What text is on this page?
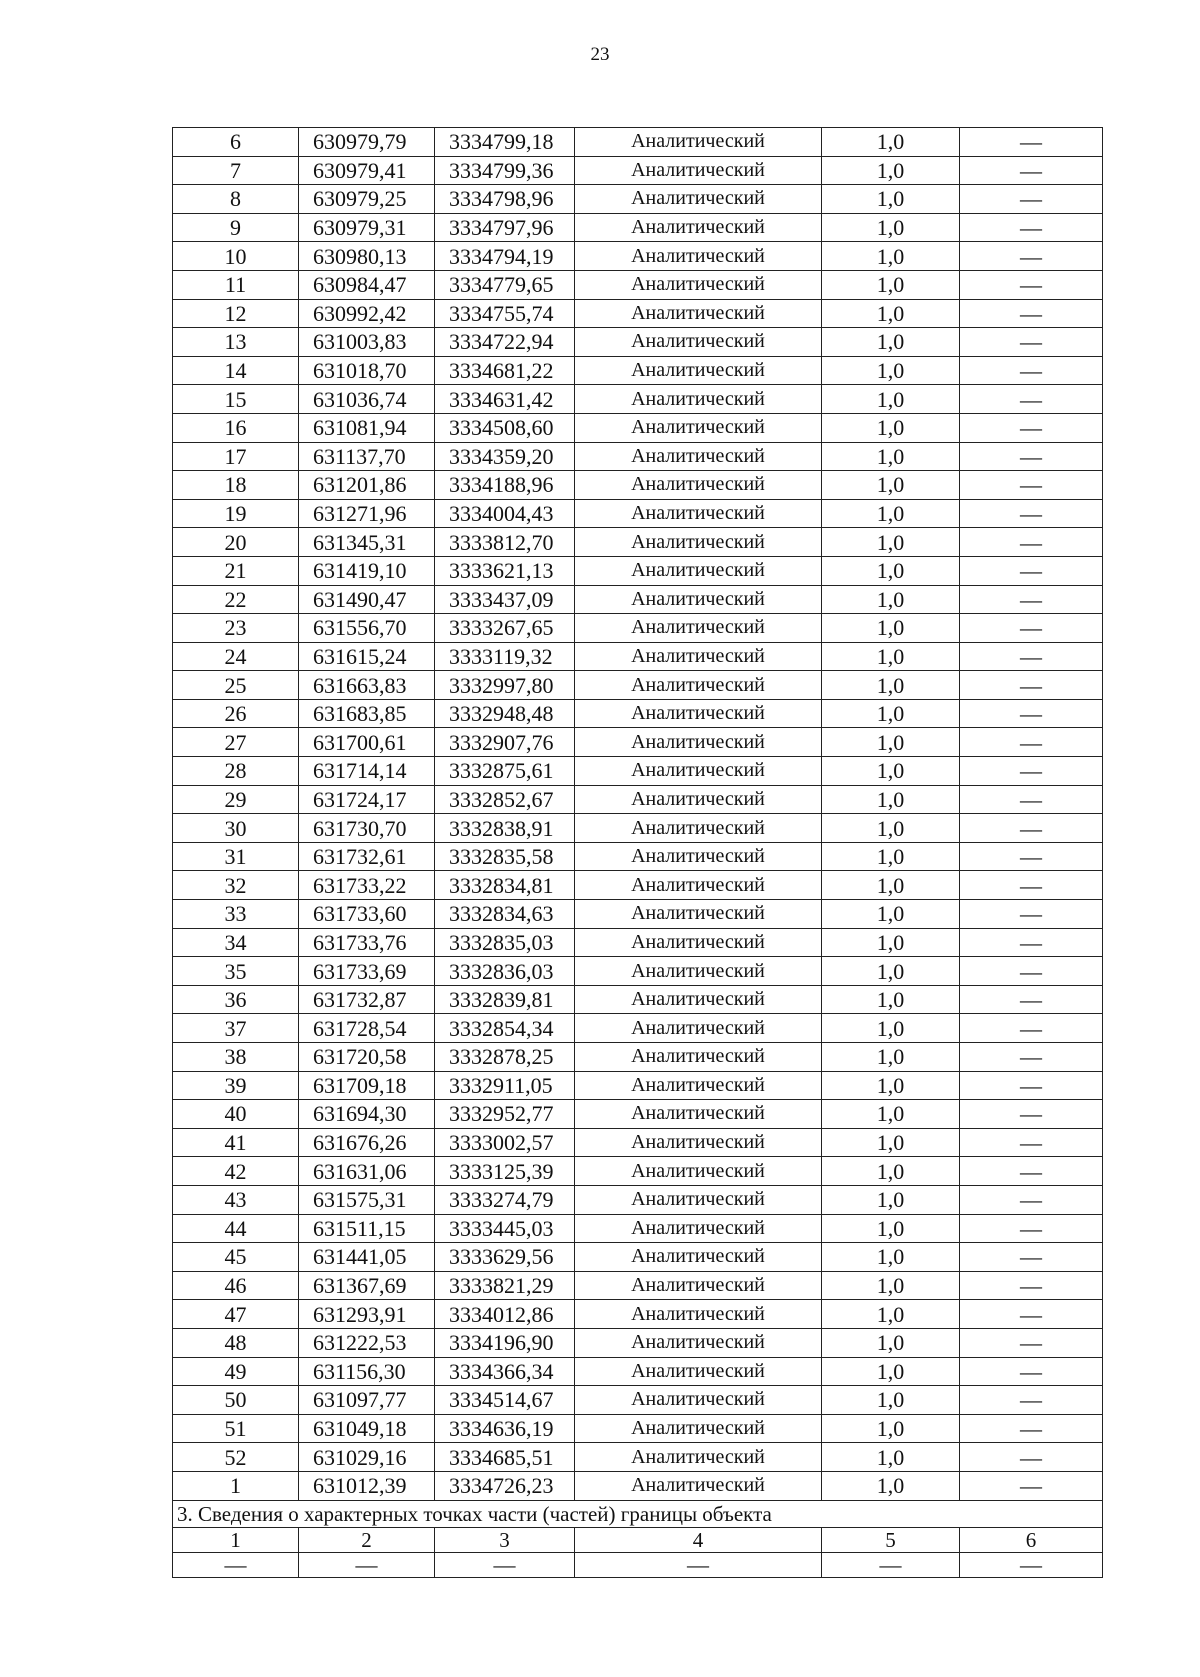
23
6	630979,79	3334799,18	Аналитический	1,0	—
7	630979,41	3334799,36	Аналитический	1,0	—
8	630979,25	3334798,96	Аналитический	1,0	—
9	630979,31	3334797,96	Аналитический	1,0	—
10	630980,13	3334794,19	Аналитический	1,0	—
11	630984,47	3334779,65	Аналитический	1,0	—
12	630992,42	3334755,74	Аналитический	1,0	—
13	631003,83	3334722,94	Аналитический	1,0	—
14	631018,70	3334681,22	Аналитический	1,0	—
15	631036,74	3334631,42	Аналитический	1,0	—
16	631081,94	3334508,60	Аналитический	1,0	—
17	631137,70	3334359,20	Аналитический	1,0	—
18	631201,86	3334188,96	Аналитический	1,0	—
19	631271,96	3334004,43	Аналитический	1,0	—
20	631345,31	3333812,70	Аналитический	1,0	—
21	631419,10	3333621,13	Аналитический	1,0	—
22	631490,47	3333437,09	Аналитический	1,0	—
23	631556,70	3333267,65	Аналитический	1,0	—
24	631615,24	3333119,32	Аналитический	1,0	—
25	631663,83	3332997,80	Аналитический	1,0	—
26	631683,85	3332948,48	Аналитический	1,0	—
27	631700,61	3332907,76	Аналитический	1,0	—
28	631714,14	3332875,61	Аналитический	1,0	—
29	631724,17	3332852,67	Аналитический	1,0	—
30	631730,70	3332838,91	Аналитический	1,0	—
31	631732,61	3332835,58	Аналитический	1,0	—
32	631733,22	3332834,81	Аналитический	1,0	—
33	631733,60	3332834,63	Аналитический	1,0	—
34	631733,76	3332835,03	Аналитический	1,0	—
35	631733,69	3332836,03	Аналитический	1,0	—
36	631732,87	3332839,81	Аналитический	1,0	—
37	631728,54	3332854,34	Аналитический	1,0	—
38	631720,58	3332878,25	Аналитический	1,0	—
39	631709,18	3332911,05	Аналитический	1,0	—
40	631694,30	3332952,77	Аналитический	1,0	—
41	631676,26	3333002,57	Аналитический	1,0	—
42	631631,06	3333125,39	Аналитический	1,0	—
43	631575,31	3333274,79	Аналитический	1,0	—
44	631511,15	3333445,03	Аналитический	1,0	—
45	631441,05	3333629,56	Аналитический	1,0	—
46	631367,69	3333821,29	Аналитический	1,0	—
47	631293,91	3334012,86	Аналитический	1,0	—
48	631222,53	3334196,90	Аналитический	1,0	—
49	631156,30	3334366,34	Аналитический	1,0	—
50	631097,77	3334514,67	Аналитический	1,0	—
51	631049,18	3334636,19	Аналитический	1,0	—
52	631029,16	3334685,51	Аналитический	1,0	—
1	631012,39	3334726,23	Аналитический	1,0	—
3. Сведения о характерных точках части (частей) границы объекта					
1	2	3	4	5	6
—	—	—	—	—	—
